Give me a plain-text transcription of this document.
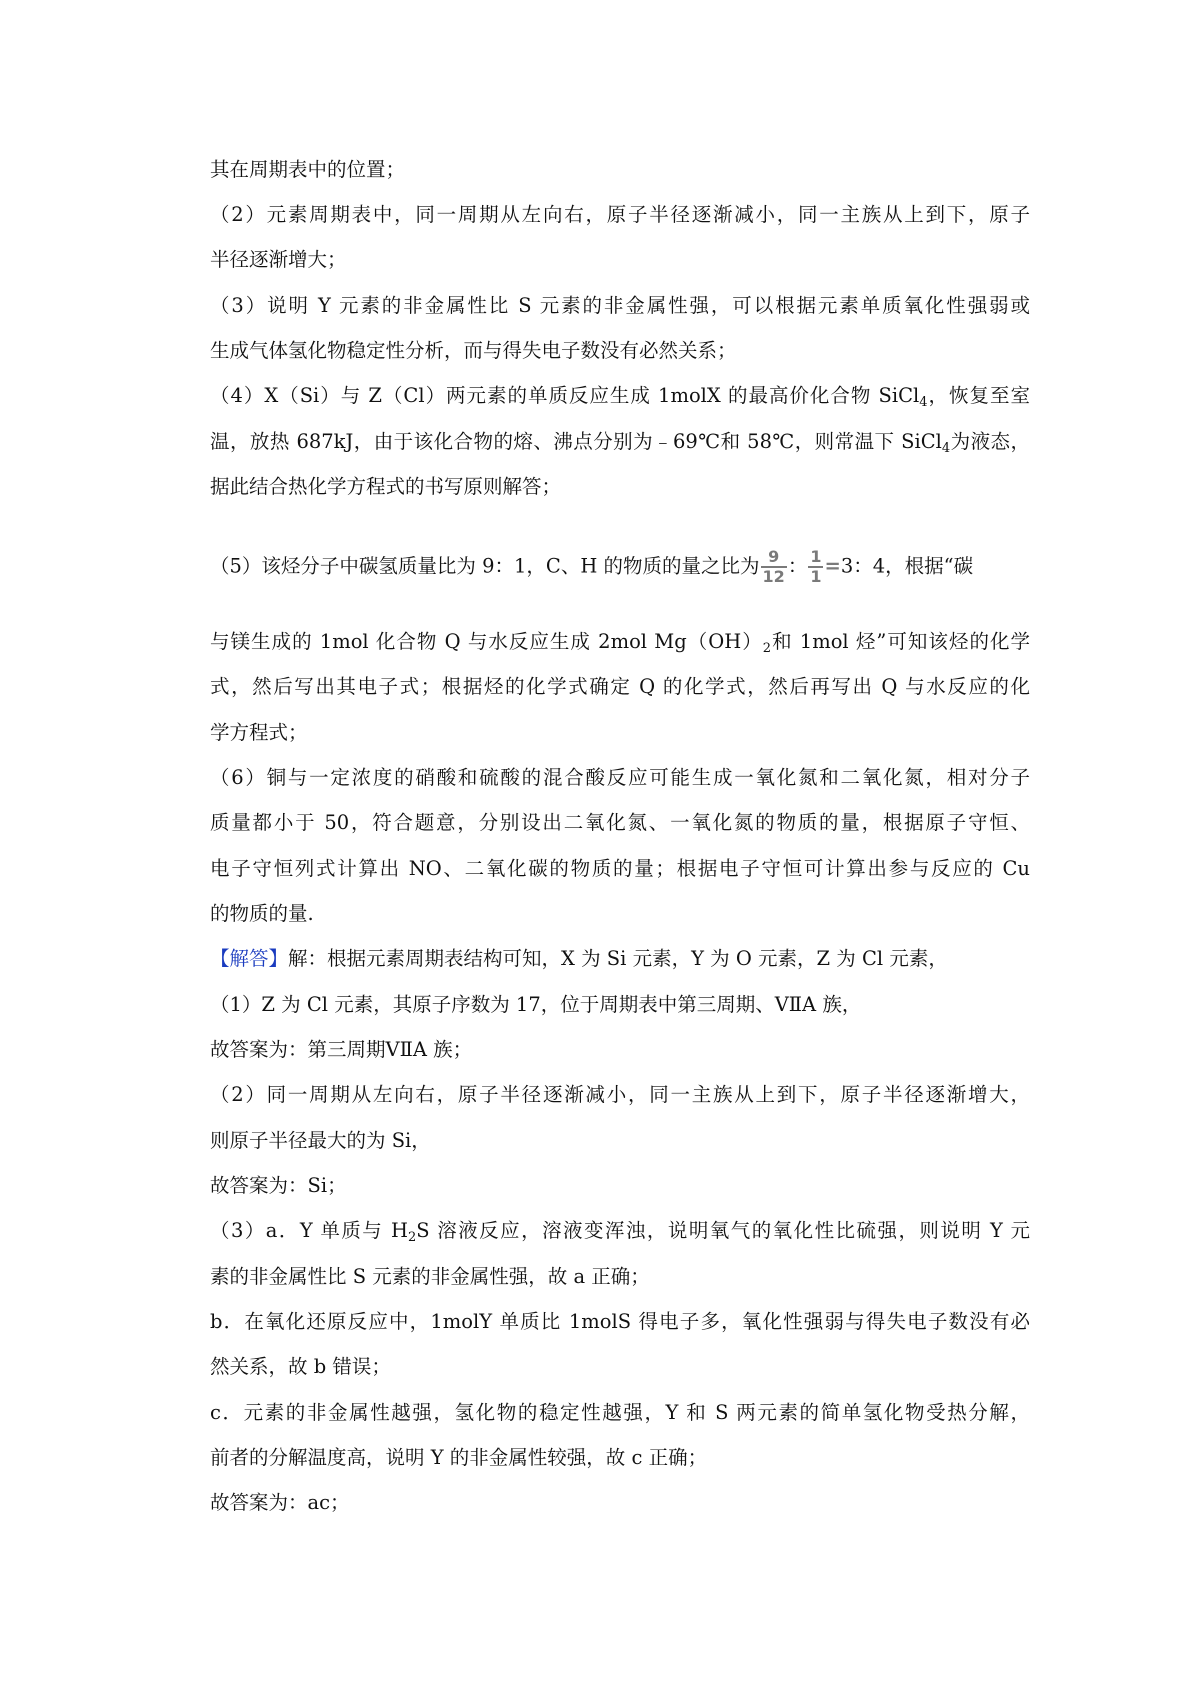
其在周期表中的位置；
（2）元素周期表中，同一周期从左向右，原子半径逐渐减小，同一主族从上到下，原子
半径逐渐增大；
（3）说明 Y 元素的非金属性比 S 元素的非金属性强，可以根据元素单质氧化性强弱或
生成气体氢化物稳定性分析，而与得失电子数没有必然关系；
（4）X（Si）与 Z（Cl）两元素的单质反应生成 1molX 的最高价化合物 SiCl$_4$，恢复至室
温，放热 687kJ，由于该化合物的熔、沸点分别为﹣69℃和 58℃，则常温下 SiCl$_4$为液态，
据此结合热化学方程式的书写原则解答；
（5）该烃分子中碳氢质量比为 9：1，C、H 的物质的量之比为 $\frac{9}{12}$ ： $\frac{1}{1} =3$：4，根据“碳
与镁生成的 1mol 化合物 Q 与水反应生成 2mol $Mg(OH)_2$和 1mol 烃”可知该烃的化学
式，然后写出其电子式；根据烃的化学式确定 Q 的化学式，然后再写出 Q 与水反应的化
学方程式；
（6）铜与一定浓度的硝酸和硫酸的混合酸反应可能生成一氧化氮和二氧化氮，相对分子
质量都小于 50，符合题意，分别设出二氧化氮、一氧化氮的物质的量，根据原子守恒、
电子守恒列式计算出 NO、二氧化碳的物质的量；根据电子守恒可计算出参与反应的 Cu
的物质的量.
【解答】解：根据元素周期表结构可知，X 为 Si 元素，Y 为 O 元素，Z 为 Cl 元素，
（1）Z 为 Cl 元素，其原子序数为 17，位于周期表中第三周期、ⅤⅡA 族，
故答案为：第三周期ⅤⅡA 族；
（2）同一周期从左向右，原子半径逐渐减小，同一主族从上到下，原子半径逐渐增大，
则原子半径最大的为 Si，
故答案为：Si；
（3）a．Y 单质与 $H_2S$ 溶液反应，溶液变浑浊，说明氧气的氧化性比硫强，则说明 Y 元
素的非金属性比 S 元素的非金属性强，故 a 正确；
b．在氧化还原反应中，1molY 单质比 1molS 得电子多，氧化性强弱与得失电子数没有必
然关系，故 b 错误；
c．元素的非金属性越强，氢化物的稳定性越强，Y 和 S 两元素的简单氢化物受热分解，
前者的分解温度高，说明 Y 的非金属性较强，故 c 正确；
故答案为：ac；
